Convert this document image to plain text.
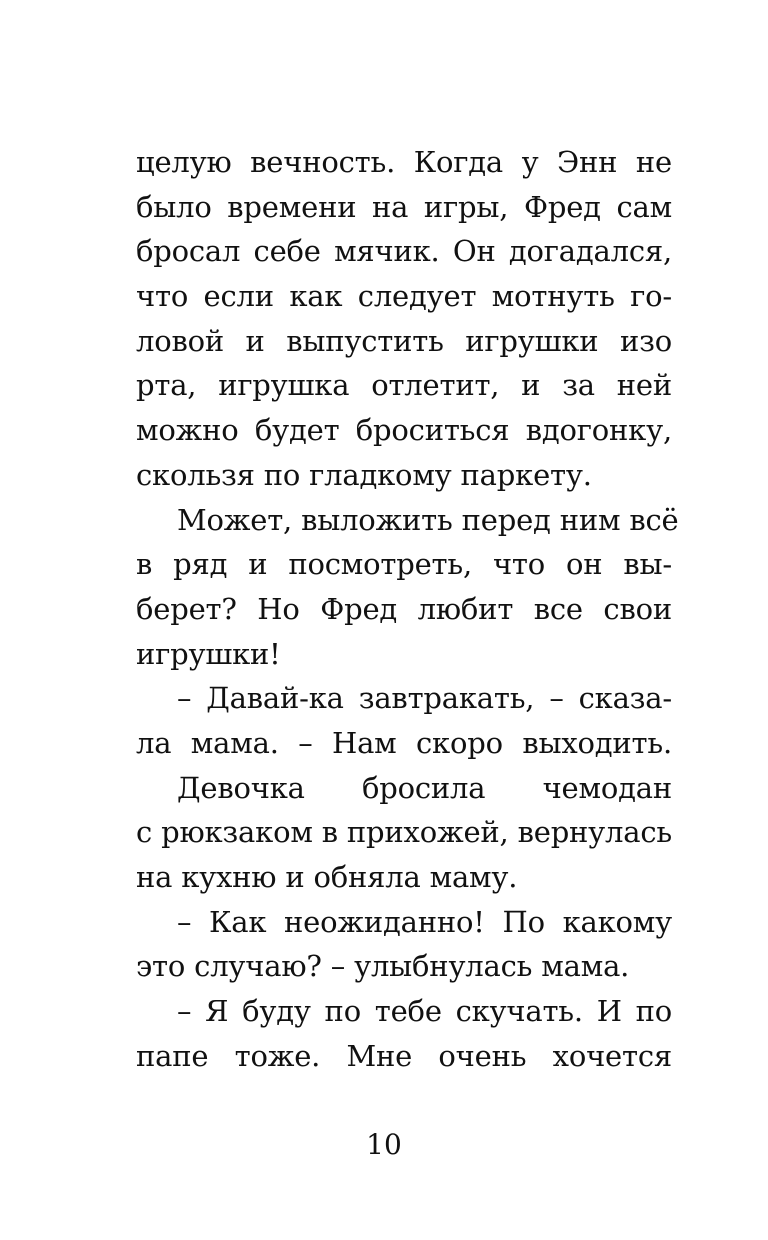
целую вечность. Когда у Энн не
было времени на игры, Фред сам
бросал себе мячик. Он догадался,
что если как следует мотнуть го-
ловой и выпустить игрушки изо
рта, игрушка отлетит, и за ней
можно будет броситься вдогонку,
скользя по гладкому паркету.
Может, выложить перед ним всё
в ряд и посмотреть, что он вы-
берет? Но Фред любит все свои
игрушки!
– Давай-ка завтракать, – сказа-
ла мама. – Нам скоро выходить.
Девочка бросила чемодан
с рюкзаком в прихожей, вернулась
на кухню и обняла маму.
– Как неожиданно! По какому
это случаю? – улыбнулась мама.
– Я буду по тебе скучать. И по
папе тоже. Мне очень хочется
10
